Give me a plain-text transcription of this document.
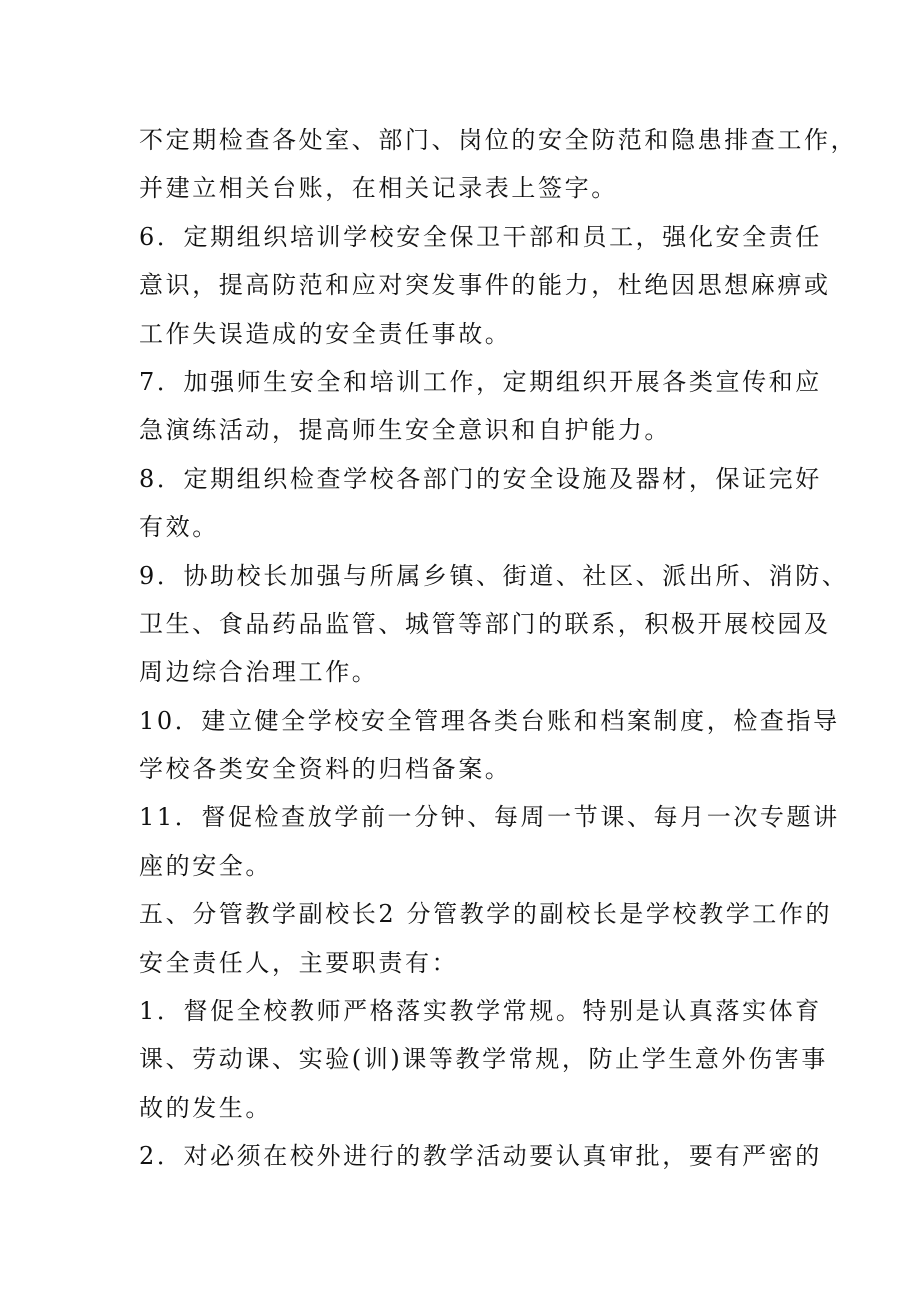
不定期检查各处室、部门、岗位的安全防范和隐患排查工作，
并建立相关台账，在相关记录表上签字。
6．定期组织培训学校安全保卫干部和员工，强化安全责任
意识，提高防范和应对突发事件的能力，杜绝因思想麻痹或
工作失误造成的安全责任事故。
7．加强师生安全和培训工作，定期组织开展各类宣传和应
急演练活动，提高师生安全意识和自护能力。
8．定期组织检查学校各部门的安全设施及器材，保证完好
有效。
9．协助校长加强与所属乡镇、街道、社区、派出所、消防、
卫生、食品药品监管、城管等部门的联系，积极开展校园及
周边综合治理工作。
10．建立健全学校安全管理各类台账和档案制度，检查指导
学校各类安全资料的归档备案。
11．督促检查放学前一分钟、每周一节课、每月一次专题讲
座的安全。
五、分管教学副校长2 分管教学的副校长是学校教学工作的
安全责任人，主要职责有：
1．督促全校教师严格落实教学常规。特别是认真落实体育
课、劳动课、实验(训)课等教学常规，防止学生意外伤害事
故的发生。
2．对必须在校外进行的教学活动要认真审批，要有严密的
